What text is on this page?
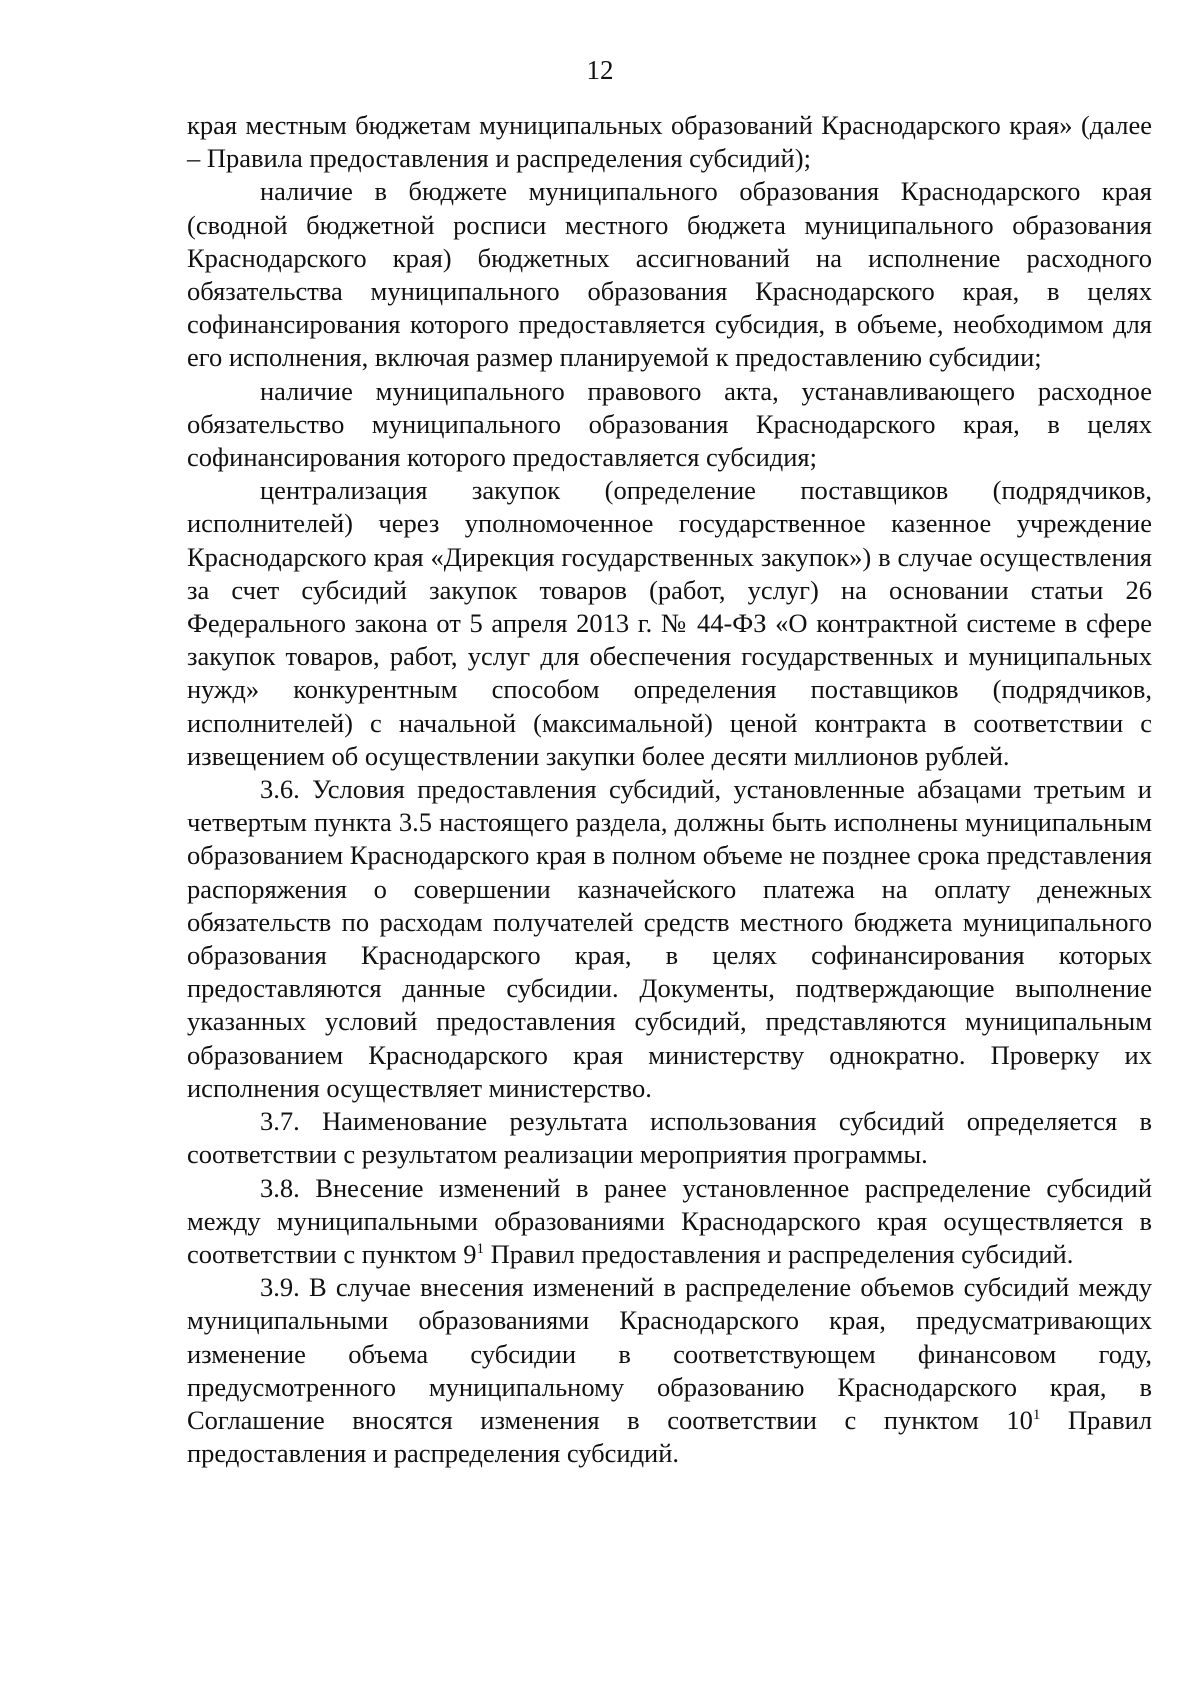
12

края местным бюджетам муниципальных образований Краснодарского края» (далее – Правила предоставления и распределения субсидий);

наличие в бюджете муниципального образования Краснодарского края (сводной бюджетной росписи местного бюджета муниципального образования Краснодарского края) бюджетных ассигнований на исполнение расходного обязательства муниципального образования Краснодарского края, в целях софинансирования которого предоставляется субсидия, в объеме, необходимом для его исполнения, включая размер планируемой к предоставлению субсидии;

наличие муниципального правового акта, устанавливающего расходное обязательство муниципального образования Краснодарского края, в целях софинансирования которого предоставляется субсидия;

централизация закупок (определение поставщиков (подрядчиков, исполнителей) через уполномоченное государственное казенное учреждение Краснодарского края «Дирекция государственных закупок») в случае осуществления за счет субсидий закупок товаров (работ, услуг) на основании статьи 26 Федерального закона от 5 апреля 2013 г. № 44-ФЗ «О контрактной системе в сфере закупок товаров, работ, услуг для обеспечения государственных и муниципальных нужд» конкурентным способом определения поставщиков (подрядчиков, исполнителей) с начальной (максимальной) ценой контракта в соответствии с извещением об осуществлении закупки более десяти миллионов рублей.

3.6. Условия предоставления субсидий, установленные абзацами третьим и четвертым пункта 3.5 настоящего раздела, должны быть исполнены муниципальным образованием Краснодарского края в полном объеме не позднее срока представления распоряжения о совершении казначейского платежа на оплату денежных обязательств по расходам получателей средств местного бюджета муниципального образования Краснодарского края, в целях софинансирования которых предоставляются данные субсидии. Документы, подтверждающие выполнение указанных условий предоставления субсидий, представляются муниципальным образованием Краснодарского края министерству однократно. Проверку их исполнения осуществляет министерство.

3.7. Наименование результата использования субсидий определяется в соответствии с результатом реализации мероприятия программы.

3.8. Внесение изменений в ранее установленное распределение субсидий между муниципальными образованиями Краснодарского края осуществляется в соответствии с пунктом $9^1$ Правил предоставления и распределения субсидий.

3.9. В случае внесения изменений в распределение объемов субсидий между муниципальными образованиями Краснодарского края, предусматривающих изменение объема субсидии в соответствующем финансовом году, предусмотренного муниципальному образованию Краснодарского края, в Соглашение вносятся изменения в соответствии с пунктом $10^1$ Правил предоставления и распределения субсидий.
